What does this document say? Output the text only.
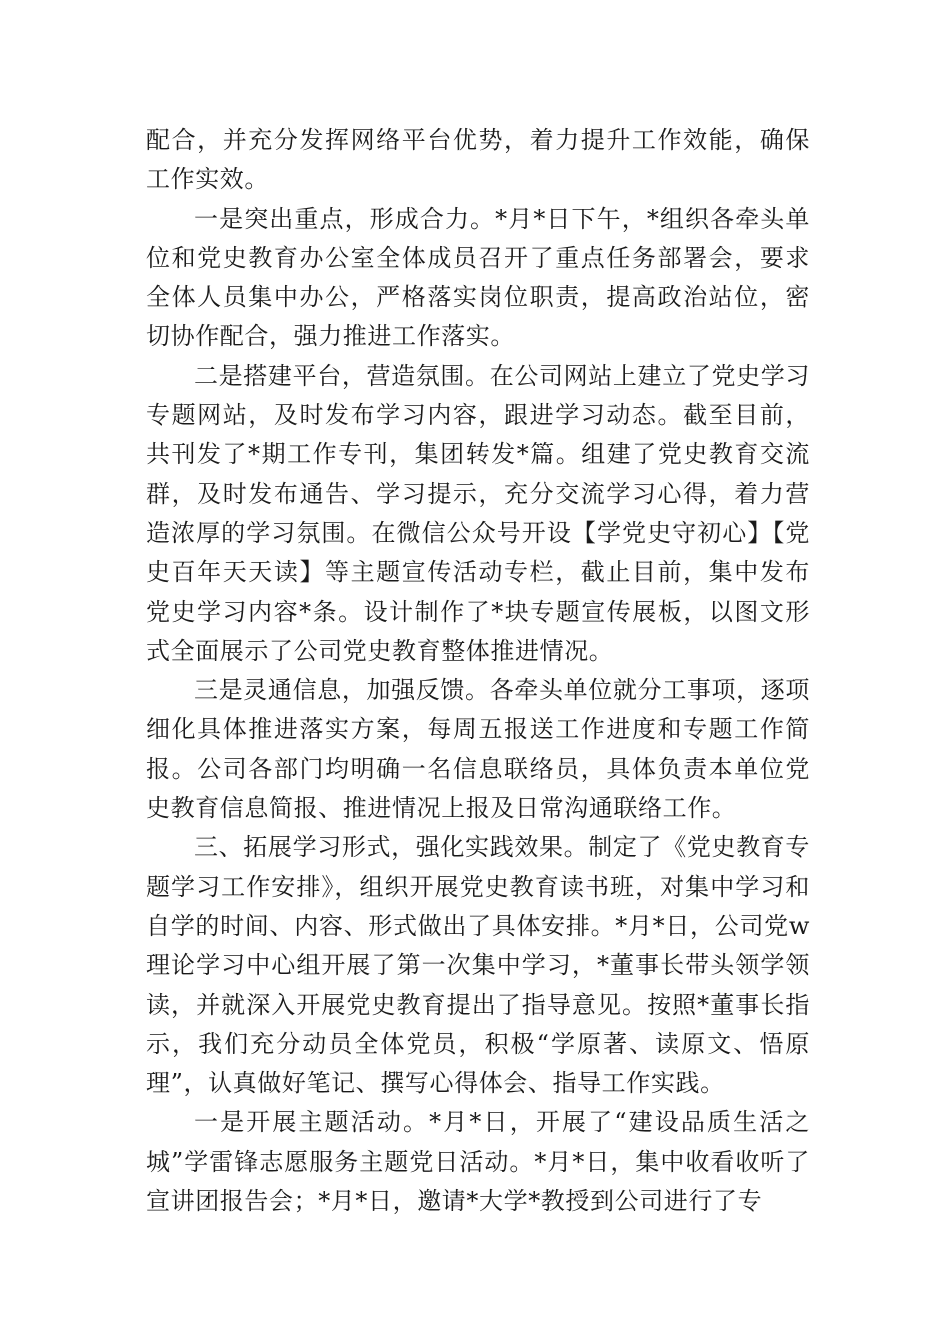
配合，并充分发挥网络平台优势，着力提升工作效能，确保工作实效。

一是突出重点，形成合力。*月*日下午，*组织各牵头单位和党史教育办公室全体成员召开了重点任务部署会，要求全体人员集中办公，严格落实岗位职责，提高政治站位，密切协作配合，强力推进工作落实。

二是搭建平台，营造氛围。在公司网站上建立了党史学习专题网站，及时发布学习内容，跟进学习动态。截至目前，共刊发了*期工作专刊，集团转发*篇。组建了党史教育交流群，及时发布通告、学习提示，充分交流学习心得，着力营造浓厚的学习氛围。在微信公众号开设【学党史守初心】【党史百年天天读】等主题宣传活动专栏，截止目前，集中发布党史学习内容*条。设计制作了*块专题宣传展板，以图文形式全面展示了公司党史教育整体推进情况。

三是灵通信息，加强反馈。各牵头单位就分工事项，逐项细化具体推进落实方案，每周五报送工作进度和专题工作简报。公司各部门均明确一名信息联络员，具体负责本单位党史教育信息简报、推进情况上报及日常沟通联络工作。

三、拓展学习形式，强化实践效果。制定了《党史教育专题学习工作安排》，组织开展党史教育读书班，对集中学习和自学的时间、内容、形式做出了具体安排。*月*日，公司党w理论学习中心组开展了第一次集中学习，*董事长带头领学领读，并就深入开展党史教育提出了指导意见。按照*董事长指示，我们充分动员全体党员，积极“学原著、读原文、悟原理”，认真做好笔记、撰写心得体会、指导工作实践。

一是开展主题活动。*月*日，开展了“建设品质生活之城”学雷锋志愿服务主题党日活动。*月*日，集中收看收听了宣讲团报告会；*月*日，邀请*大学*教授到公司进行了专
